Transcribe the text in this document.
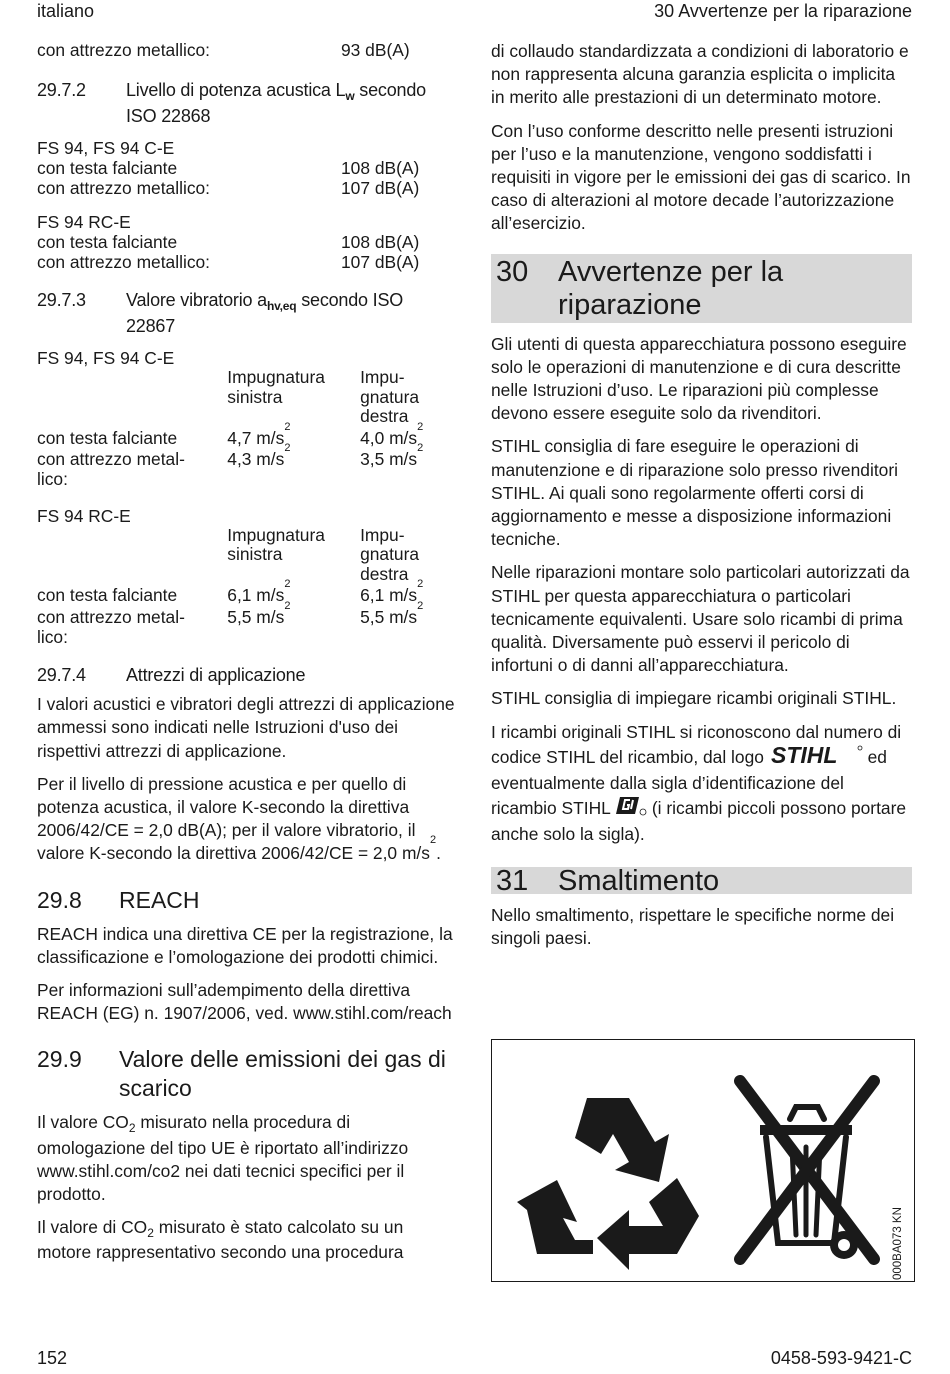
italiano	30 Avvertenze per la riparazione
con attrezzo metallico:	93 dB(A)
29.7.2	Livello di potenza acustica $L_w$ secondo ISO 22868
FS 94, FS 94 C-E
con testa falciante	108 dB(A)
con attrezzo metallico:	107 dB(A)
FS 94 RC-E
con testa falciante	108 dB(A)
con attrezzo metallico:	107 dB(A)
29.7.3	Valore vibratorio $a_{hv,eq}$ secondo ISO 22867
FS 94, FS 94 C-E
	Impugnatura sinistra	Impu-gnatura destra
con testa falciante	4,7 $m/s^2$	4,0 $m/s^2$
con attrezzo metal-lico:	4,3 $m/s^2$	3,5 $m/s^2$
FS 94 RC-E
	Impugnatura sinistra	Impu-gnatura destra
con testa falciante	6,1 $m/s^2$	6,1 $m/s^2$
con attrezzo metal-lico:	5,5 $m/s^2$	5,5 $m/s^2$
29.7.4	Attrezzi di applicazione

I valori acustici e vibratori degli attrezzi di applicazione ammessi sono indicati nelle Istruzioni d'uso dei rispettivi attrezzi di applicazione.

Per il livello di pressione acustica e per quello di potenza acustica, il valore K-secondo la direttiva 2006/42/CE = 2,0 dB(A); per il valore vibratorio, il valore K-secondo la direttiva 2006/42/CE = 2,0 $m/s^2$.

29.8	REACH

REACH indica una direttiva CE per la registrazione, la classificazione e l’omologazione dei prodotti chimici.

Per informazioni sull’adempimento della direttiva REACH (EG) n. 1907/2006, ved. www.stihl.com/reach

29.9	Valore delle emissioni dei gas di scarico

Il valore $CO_2$ misurato nella procedura di omologazione del tipo UE è riportato all’indirizzo www.stihl.com/co2 nei dati tecnici specifici per il prodotto.

Il valore di $CO_2$ misurato è stato calcolato su un motore rappresentativo secondo una procedura

di collaudo standardizzata a condizioni di laboratorio e non rappresenta alcuna garanzia esplicita o implicita in merito alle prestazioni di un determinato motore.

Con l’uso conforme descritto nelle presenti istruzioni per l’uso e la manutenzione, vengono soddisfatti i requisiti in vigore per le emissioni dei gas di scarico. In caso di alterazioni al motore decade l’autorizzazione all’esercizio.

30	Avvertenze per la riparazione

Gli utenti di questa apparecchiatura possono eseguire solo le operazioni di manutenzione e di cura descritte nelle Istruzioni d’uso. Le riparazioni più complesse devono essere eseguite solo da rivenditori.

STIHL consiglia di fare eseguire le operazioni di manutenzione e di riparazione solo presso rivenditori STIHL. Ai quali sono regolarmente offerti corsi di aggiornamento e messe a disposizione informazioni tecniche.

Nelle riparazioni montare solo particolari autorizzati da STIHL per questa apparecchiatura o particolari tecnicamente equivalenti. Usare solo ricambi di prima qualità. Diversamente può esservi il pericolo di infortuni o di danni all’apparecchiatura.

STIHL consiglia di impiegare ricambi originali STIHL.

I ricambi originali STIHL si riconoscono dal numero di codice STIHL del ricambio, dal logo STIHL ed eventualmente dalla sigla d’identificazione del ricambio STIHL  (i ricambi piccoli possono portare anche solo la sigla).

31	Smaltimento

Nello smaltimento, rispettare le specifiche norme dei singoli paesi.

000BA073 KN
152	0458-593-9421-C
